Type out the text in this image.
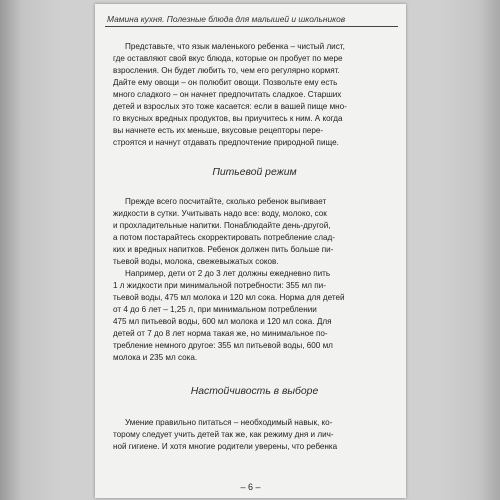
Мамина кухня. Полезные блюда для малышей и школьников
Представьте, что язык маленького ребенка – чистый лист,
где оставляют свой вкус блюда, которые он пробует по мере
взросления. Он будет любить то, чем его регулярно кормят.
Дайте ему овощи – он полюбит овощи. Позвольте ему есть
много сладкого – он начнет предпочитать сладкое. Старших
детей и взрослых это тоже касается: если в вашей пище мно-
го вкусных вредных продуктов, вы приучитесь к ним. А когда
вы начнете есть их меньше, вкусовые рецепторы пере-
строятся и начнут отдавать предпочтение природной пище.
Питьевой режим
Прежде всего посчитайте, сколько ребенок выпивает
жидкости в сутки. Учитывать надо все: воду, молоко, сок
и прохладительные напитки. Понаблюдайте день-другой,
а потом постарайтесь скорректировать потребление слад-
ких и вредных напитков. Ребенок должен пить больше пи-
тьевой воды, молока, свежевыжатых соков.
Например, дети от 2 до 3 лет должны ежедневно пить
1 л жидкости при минимальной потребности: 355 мл пи-
тьевой воды, 475 мл молока и 120 мл сока. Норма для детей
от 4 до 6 лет – 1,25 л, при минимальном потреблении
475 мл питьевой воды, 600 мл молока и 120 мл сока. Для
детей от 7 до 8 лет норма такая же, но минимальное по-
требление немного другое: 355 мл питьевой воды, 600 мл
молока и 235 мл сока.
Настойчивость в выборе
Умение правильно питаться – необходимый навык, ко-
торому следует учить детей так же, как режиму дня и лич-
ной гигиене. И хотя многие родители уверены, что ребенка
– 6 –
